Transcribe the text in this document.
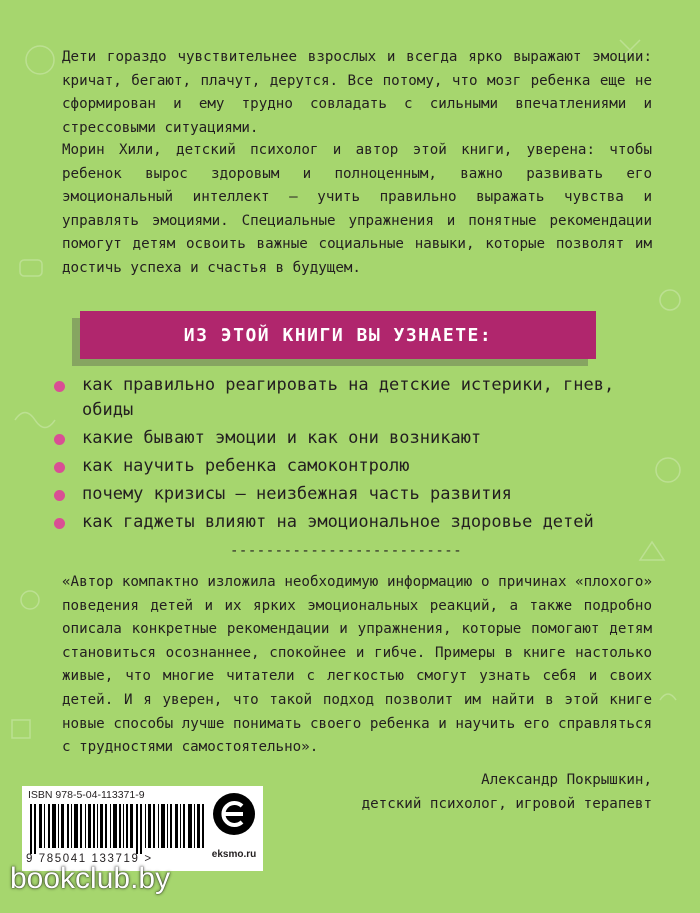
Дети гораздо чувствительнее взрослых и всегда ярко выражают эмоции: кричат, бегают, плачут, дерутся. Все потому, что мозг ребенка еще не сформирован и ему трудно совладать с сильными впечатлениями и стрессовыми ситуациями.

Морин Хили, детский психолог и автор этой книги, уверена: чтобы ребенок вырос здоровым и полноценным, важно развивать его эмоциональный интеллект – учить правильно выражать чувства и управлять эмоциями. Специальные упражнения и понятные рекомендации помогут детям освоить важные социальные навыки, которые позволят им достичь успеха и счастья в будущем.

ИЗ ЭТОЙ КНИГИ ВЫ УЗНАЕТЕ:
как правильно реагировать на детские истерики, гнев, обиды
какие бывают эмоции и как они возникают
как научить ребенка самоконтролю
почему кризисы – неизбежная часть развития
как гаджеты влияют на эмоциональное здоровье детей
--------------------------

«Автор компактно изложила необходимую информацию о причинах «плохого» поведения детей и их ярких эмоциональных реакций, а также подробно описала конкретные рекомендации и упражнения, которые помогают детям становиться осознаннее, спокойнее и гибче. Примеры в книге настолько живые, что многие читатели с легкостью смогут узнать себя и своих детей. И я уверен, что такой подход позволит им найти в этой книге новые способы лучше понимать своего ребенка и научить его справляться с трудностями самостоятельно».

Александр Покрышкин,
детский психолог, игровой терапевт
ISBN 978-5-04-113371-9
9 785041 133719 >	eksmo.ru
bookclub.by
